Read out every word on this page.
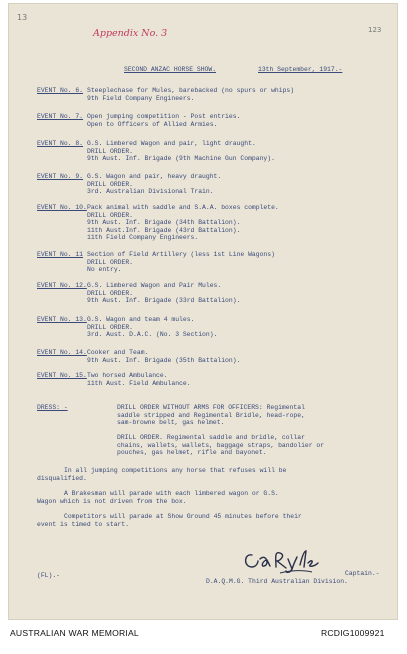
13
123
Appendix No. 3
SECOND ANZAC HORSE SHOW.	13th September, 1917.-
EVENT No. 6. Steeplechase for Mules, barebacked (no spurs or whips)
9th Field Company Engineers.
EVENT No. 7. Open jumping competition - Post entries.
Open to Officers of Allied Armies.
EVENT No. 8. G.S. Limbered Wagon and pair, light draught.
DRILL ORDER.
9th Aust. Inf. Brigade (9th Machine Gun Company).
EVENT No. 9. G.S. Wagon and pair, heavy draught.
DRILL ORDER.
3rd. Australian Divisional Train.
EVENT No. 10. Pack animal with saddle and S.A.A. boxes complete.
DRILL ORDER.
9th Aust. Inf. Brigade (34th Battalion).
11th Aust.Inf. Brigade (43rd Battalion).
11th Field Company Engineers.
EVENT No. 11 Section of Field Artillery (less 1st Line Wagons)
DRILL ORDER.
No entry.
EVENT No. 12. G.S. Limbered Wagon and Pair Mules.
DRILL ORDER.
9th Aust. Inf. Brigade (33rd Battalion).
EVENT No. 13. G.S. Wagon and team 4 mules.
DRILL ORDER.
3rd. Aust. D.A.C. (No. 3 Section).
EVENT No. 14. Cooker and Team.
9th Aust. Inf. Brigade (35th Battalion).
EVENT No. 15. Two horsed Ambulance.
11th Aust. Field Ambulance.
DRESS: -	DRILL ORDER WITHOUT ARMS FOR OFFICERS: Regimental
saddle stripped and Regimental Bridle, head-rope,
sam-browne belt, gas helmet.
DRILL ORDER. Regimental saddle and bridle, collar
chains, wallets, wallets, baggage straps, bandolier or
pouches, gas helmet, rifle and bayonet.
In all jumping competitions any horse that refuses will be
disqualified.
A Brakesman will parade with each limbered wagon or G.S.
Wagon which is not driven from the box.
Competitors will parade at Show Ground 45 minutes before their
event is timed to start.
Captain.-
D.A.Q.M.G. Third Australian Division.
(FL).-
AUSTRALIAN WAR MEMORIAL	RCDIG1009921
